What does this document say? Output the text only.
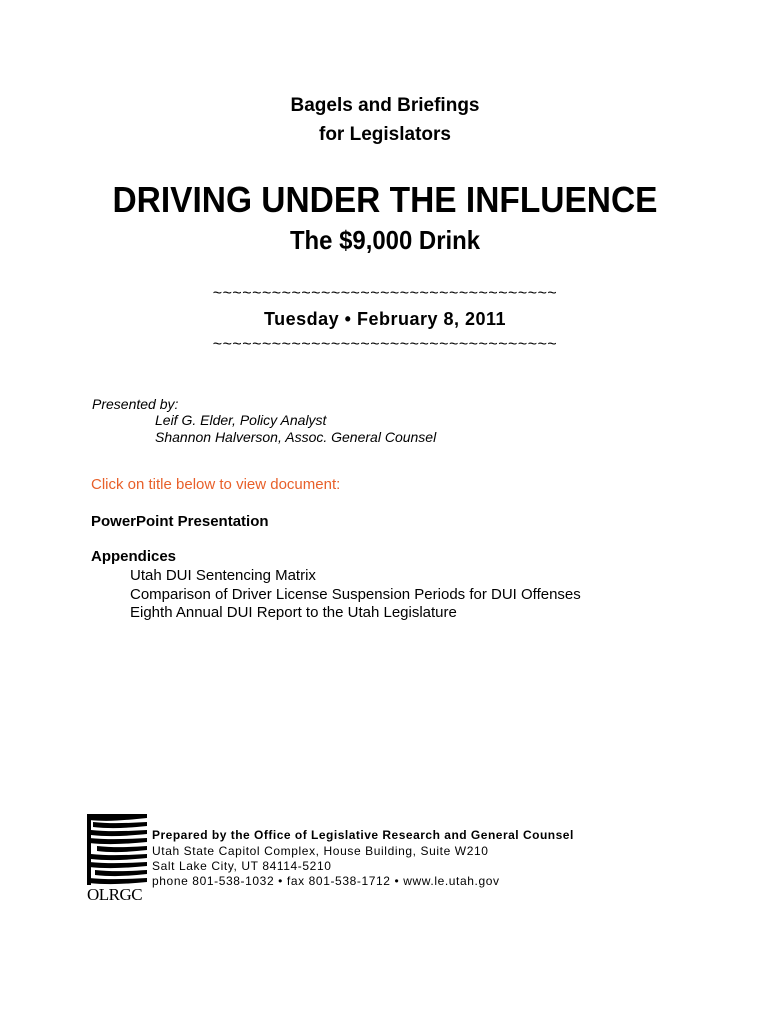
Bagels and Briefings
for Legislators
DRIVING UNDER THE INFLUENCE
The $9,000 Drink
~~~~~~~~~~~~~~~~~~~~~~~~~~~~~~~~~~~
Tuesday • February 8, 2011
~~~~~~~~~~~~~~~~~~~~~~~~~~~~~~~~~~~
Presented by:
Leif G. Elder, Policy Analyst
Shannon Halverson, Assoc. General Counsel
Click on title below to view document:
PowerPoint Presentation
Appendices
Utah DUI Sentencing Matrix
Comparison of Driver License Suspension Periods for DUI Offenses
Eighth Annual DUI Report to the Utah Legislature
OLRGC
Prepared by the Office of Legislative Research and General Counsel
Utah State Capitol Complex, House Building, Suite W210
Salt Lake City, UT 84114-5210
phone 801-538-1032 • fax 801-538-1712 • www.le.utah.gov
